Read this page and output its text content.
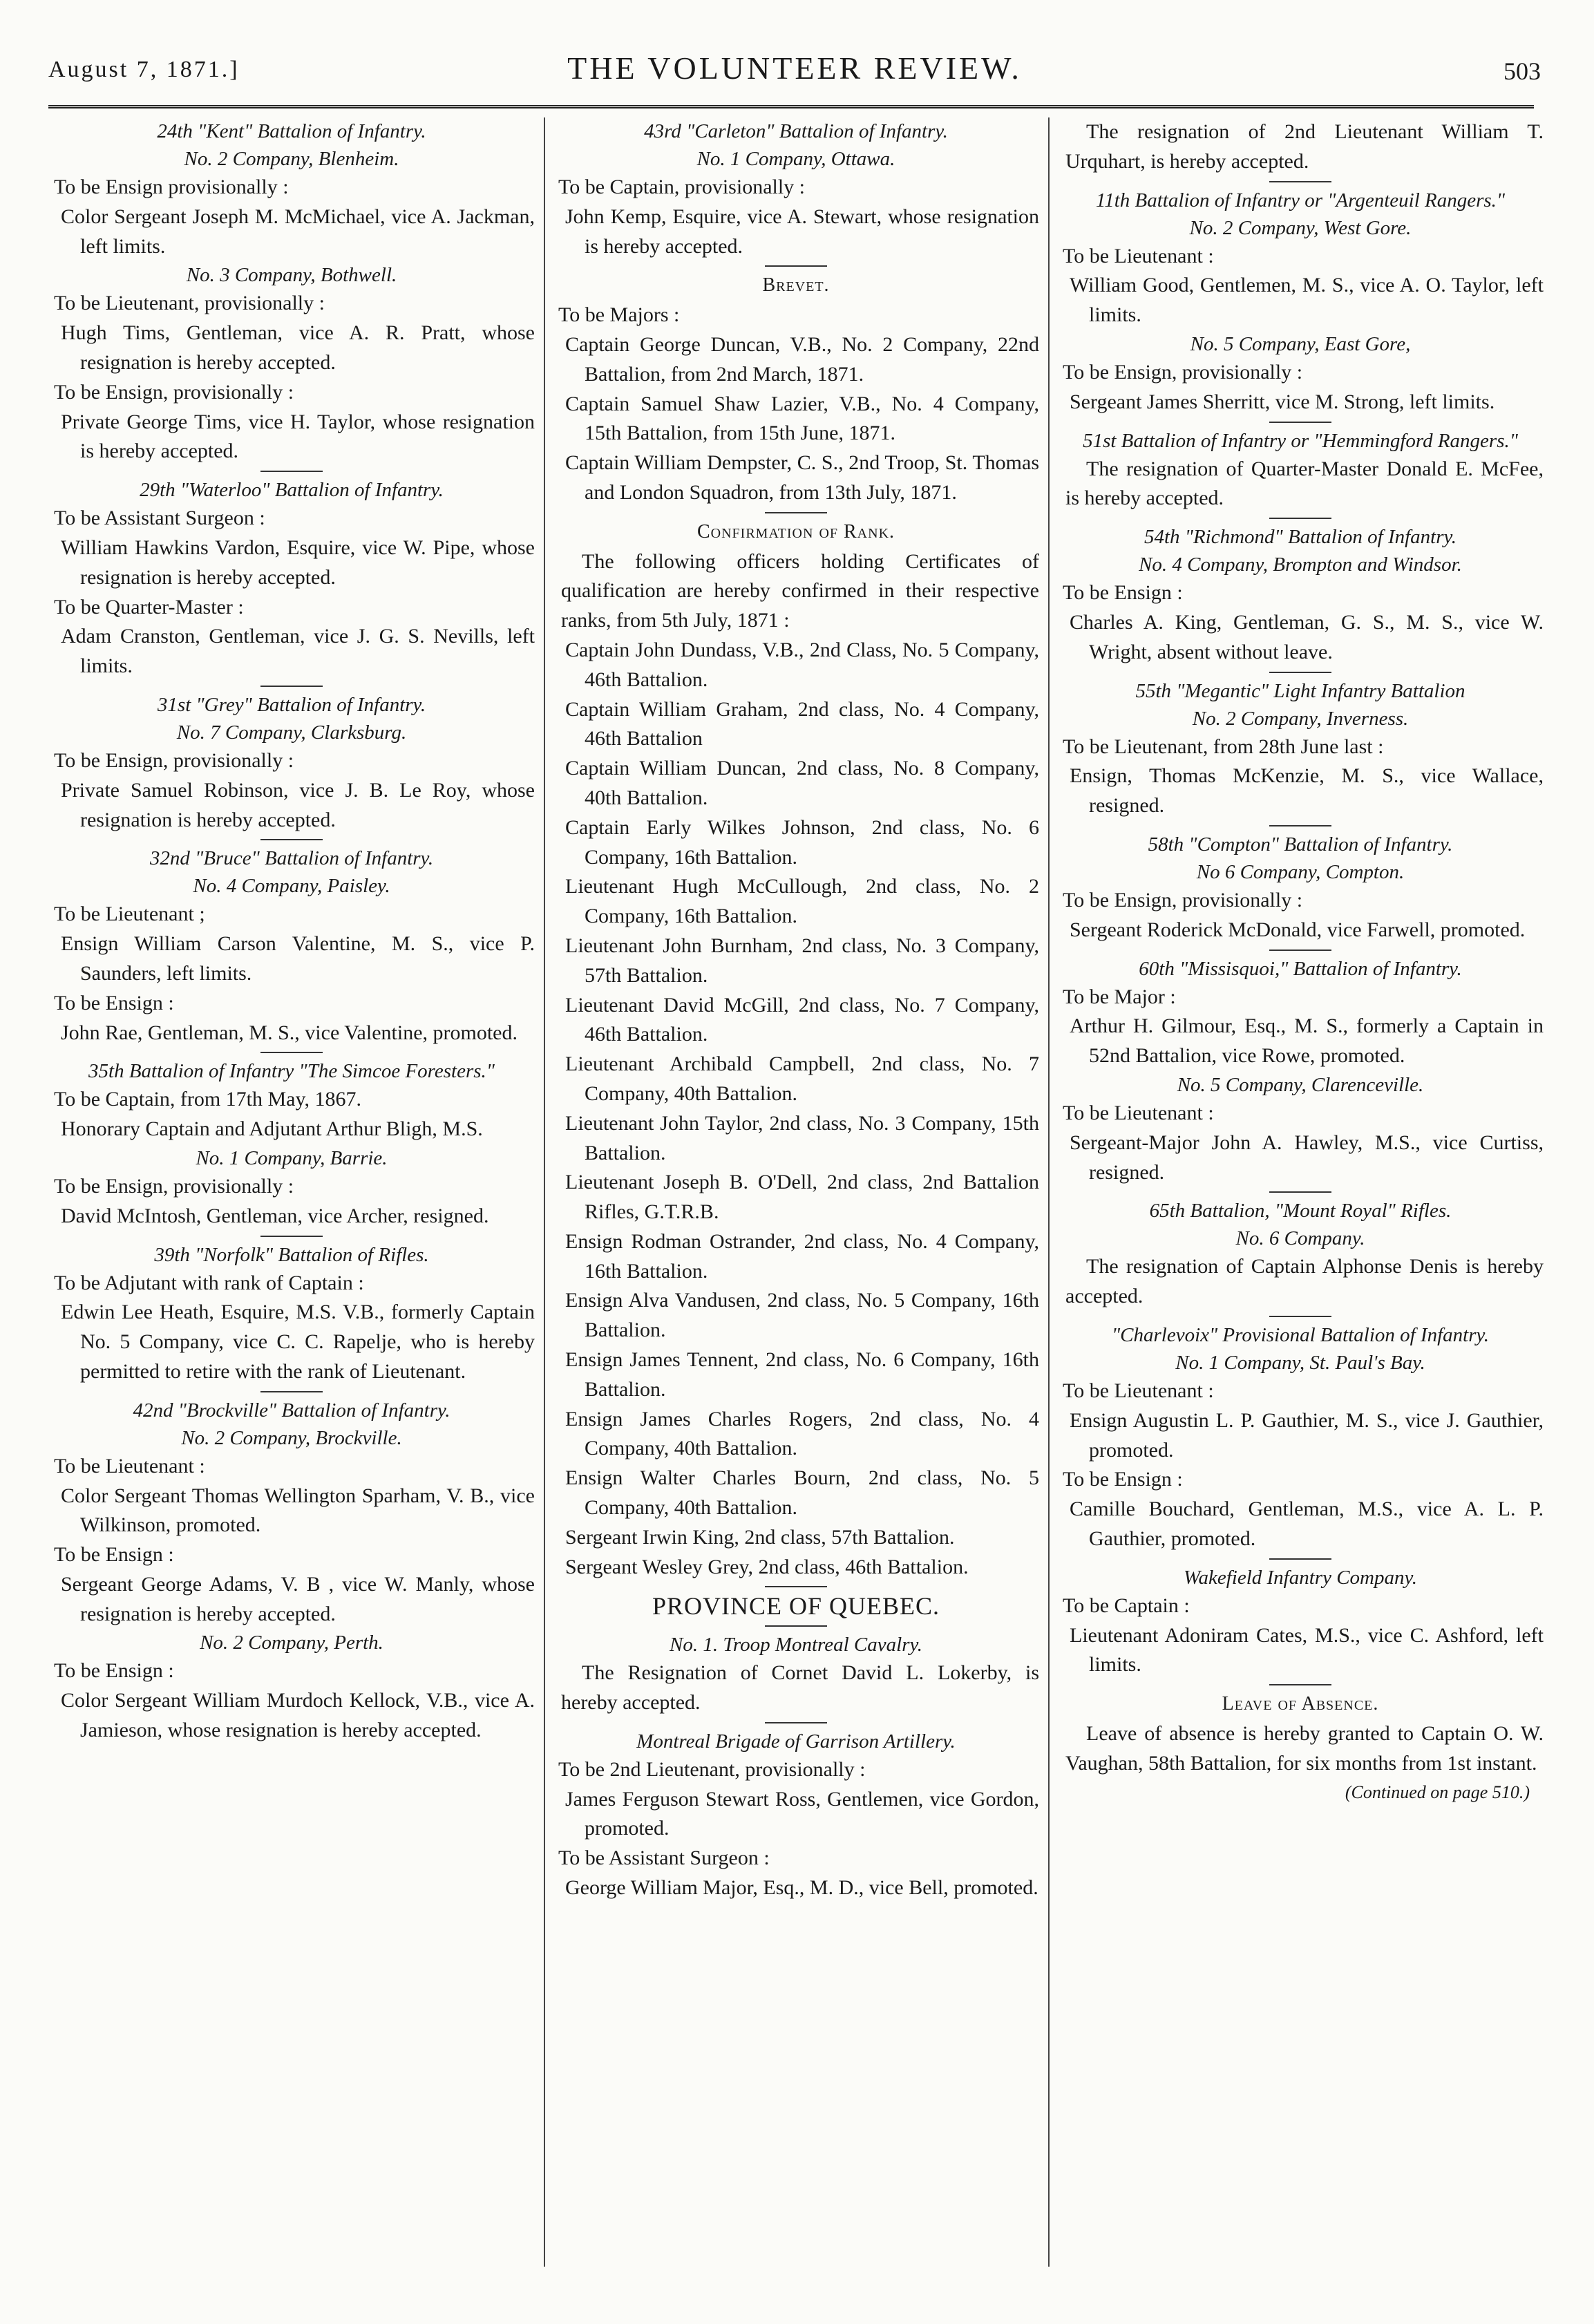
August 7, 1871.]	THE VOLUNTEER REVIEW.	503
24th "Kent" Battalion of Infantry.
No. 2 Company, Blenheim.
To be Ensign provisionally :
Color Sergeant Joseph M. McMichael, vice A. Jackman, left limits.
No. 3 Company, Bothwell.
To be Lieutenant, provisionally :
Hugh Tims, Gentleman, vice A. R. Pratt, whose resignation is hereby accepted.
To be Ensign, provisionally :
Private George Tims, vice H. Taylor, whose resignation is hereby accepted.
29th "Waterloo" Battalion of Infantry.
To be Assistant Surgeon :
William Hawkins Vardon, Esquire, vice W. Pipe, whose resignation is hereby accepted.
To be Quarter-Master :
Adam Cranston, Gentleman, vice J. G. S. Nevills, left limits.
31st "Grey" Battalion of Infantry.
No. 7 Company, Clarksburg.
To be Ensign, provisionally :
Private Samuel Robinson, vice J. B. Le Roy, whose resignation is hereby accepted.
32nd "Bruce" Battalion of Infantry.
No. 4 Company, Paisley.
To be Lieutenant ;
Ensign William Carson Valentine, M. S., vice P. Saunders, left limits.
To be Ensign :
John Rae, Gentleman, M. S., vice Valentine, promoted.
35th Battalion of Infantry "The Simcoe Foresters."
To be Captain, from 17th May, 1867.
Honorary Captain and Adjutant Arthur Bligh, M.S.
No. 1 Company, Barrie.
To be Ensign, provisionally :
David McIntosh, Gentleman, vice Archer, resigned.
39th "Norfolk" Battalion of Rifles.
To be Adjutant with rank of Captain :
Edwin Lee Heath, Esquire, M.S. V.B., formerly Captain No. 5 Company, vice C. C. Rapelje, who is hereby permitted to retire with the rank of Lieutenant.
42nd "Brockville" Battalion of Infantry.
No. 2 Company, Brockville.
To be Lieutenant :
Color Sergeant Thomas Wellington Sparham, V. B., vice Wilkinson, promoted.
To be Ensign :
Sergeant George Adams, V. B , vice W. Manly, whose resignation is hereby accepted.
No. 2 Company, Perth.
To be Ensign :
Color Sergeant William Murdoch Kellock, V.B., vice A. Jamieson, whose resignation is hereby accepted.
43rd "Carleton" Battalion of Infantry.
No. 1 Company, Ottawa.
To be Captain, provisionally :
John Kemp, Esquire, vice A. Stewart, whose resignation is hereby accepted.
Brevet.
To be Majors :
Captain George Duncan, V.B., No. 2 Company, 22nd Battalion, from 2nd March, 1871.
Captain Samuel Shaw Lazier, V.B., No. 4 Company, 15th Battalion, from 15th June, 1871.
Captain William Dempster, C. S., 2nd Troop, St. Thomas and London Squadron, from 13th July, 1871.
Confirmation of Rank.
The following officers holding Certificates of qualification are hereby confirmed in their respective ranks, from 5th July, 1871 :
Captain John Dundass, V.B., 2nd Class, No. 5 Company, 46th Battalion.
Captain William Graham, 2nd class, No. 4 Company, 46th Battalion
Captain William Duncan, 2nd class, No. 8 Company, 40th Battalion.
Captain Early Wilkes Johnson, 2nd class, No. 6 Company, 16th Battalion.
Lieutenant Hugh McCullough, 2nd class, No. 2 Company, 16th Battalion.
Lieutenant John Burnham, 2nd class, No. 3 Company, 57th Battalion.
Lieutenant David McGill, 2nd class, No. 7 Company, 46th Battalion.
Lieutenant Archibald Campbell, 2nd class, No. 7 Company, 40th Battalion.
Lieutenant John Taylor, 2nd class, No. 3 Company, 15th Battalion.
Lieutenant Joseph B. O'Dell, 2nd class, 2nd Battalion Rifles, G.T.R.B.
Ensign Rodman Ostrander, 2nd class, No. 4 Company, 16th Battalion.
Ensign Alva Vandusen, 2nd class, No. 5 Company, 16th Battalion.
Ensign James Tennent, 2nd class, No. 6 Company, 16th Battalion.
Ensign James Charles Rogers, 2nd class, No. 4 Company, 40th Battalion.
Ensign Walter Charles Bourn, 2nd class, No. 5 Company, 40th Battalion.
Sergeant Irwin King, 2nd class, 57th Battalion.
Sergeant Wesley Grey, 2nd class, 46th Battalion.
PROVINCE OF QUEBEC.
No. 1. Troop Montreal Cavalry.
The Resignation of Cornet David L. Lokerby, is hereby accepted.
Montreal Brigade of Garrison Artillery.
To be 2nd Lieutenant, provisionally :
James Ferguson Stewart Ross, Gentlemen, vice Gordon, promoted.
To be Assistant Surgeon :
George William Major, Esq., M. D., vice Bell, promoted.
The resignation of 2nd Lieutenant William T. Urquhart, is hereby accepted.
11th Battalion of Infantry or "Argenteuil Rangers."
No. 2 Company, West Gore.
To be Lieutenant :
William Good, Gentlemen, M. S., vice A. O. Taylor, left limits.
No. 5 Company, East Gore,
To be Ensign, provisionally :
Sergeant James Sherritt, vice M. Strong, left limits.
51st Battalion of Infantry or "Hemmingford Rangers."
The resignation of Quarter-Master Donald E. McFee, is hereby accepted.
54th "Richmond" Battalion of Infantry.
No. 4 Company, Brompton and Windsor.
To be Ensign :
Charles A. King, Gentleman, G. S., M. S., vice W. Wright, absent without leave.
55th "Megantic" Light Infantry Battalion
No. 2 Company, Inverness.
To be Lieutenant, from 28th June last :
Ensign, Thomas McKenzie, M. S., vice Wallace, resigned.
58th "Compton" Battalion of Infantry.
No 6 Company, Compton.
To be Ensign, provisionally :
Sergeant Roderick McDonald, vice Farwell, promoted.
60th "Missisquoi," Battalion of Infantry.
To be Major :
Arthur H. Gilmour, Esq., M. S., formerly a Captain in 52nd Battalion, vice Rowe, promoted.
No. 5 Company, Clarenceville.
To be Lieutenant :
Sergeant-Major John A. Hawley, M.S., vice Curtiss, resigned.
65th Battalion, "Mount Royal" Rifles.
No. 6 Company.
The resignation of Captain Alphonse Denis is hereby accepted.
"Charlevoix" Provisional Battalion of Infantry.
No. 1 Company, St. Paul's Bay.
To be Lieutenant :
Ensign Augustin L. P. Gauthier, M. S., vice J. Gauthier, promoted.
To be Ensign :
Camille Bouchard, Gentleman, M.S., vice A. L. P. Gauthier, promoted.
Wakefield Infantry Company.
To be Captain :
Lieutenant Adoniram Cates, M.S., vice C. Ashford, left limits.
Leave of Absence.
Leave of absence is hereby granted to Captain O. W. Vaughan, 58th Battalion, for six months from 1st instant.
(Continued on page 510.)
